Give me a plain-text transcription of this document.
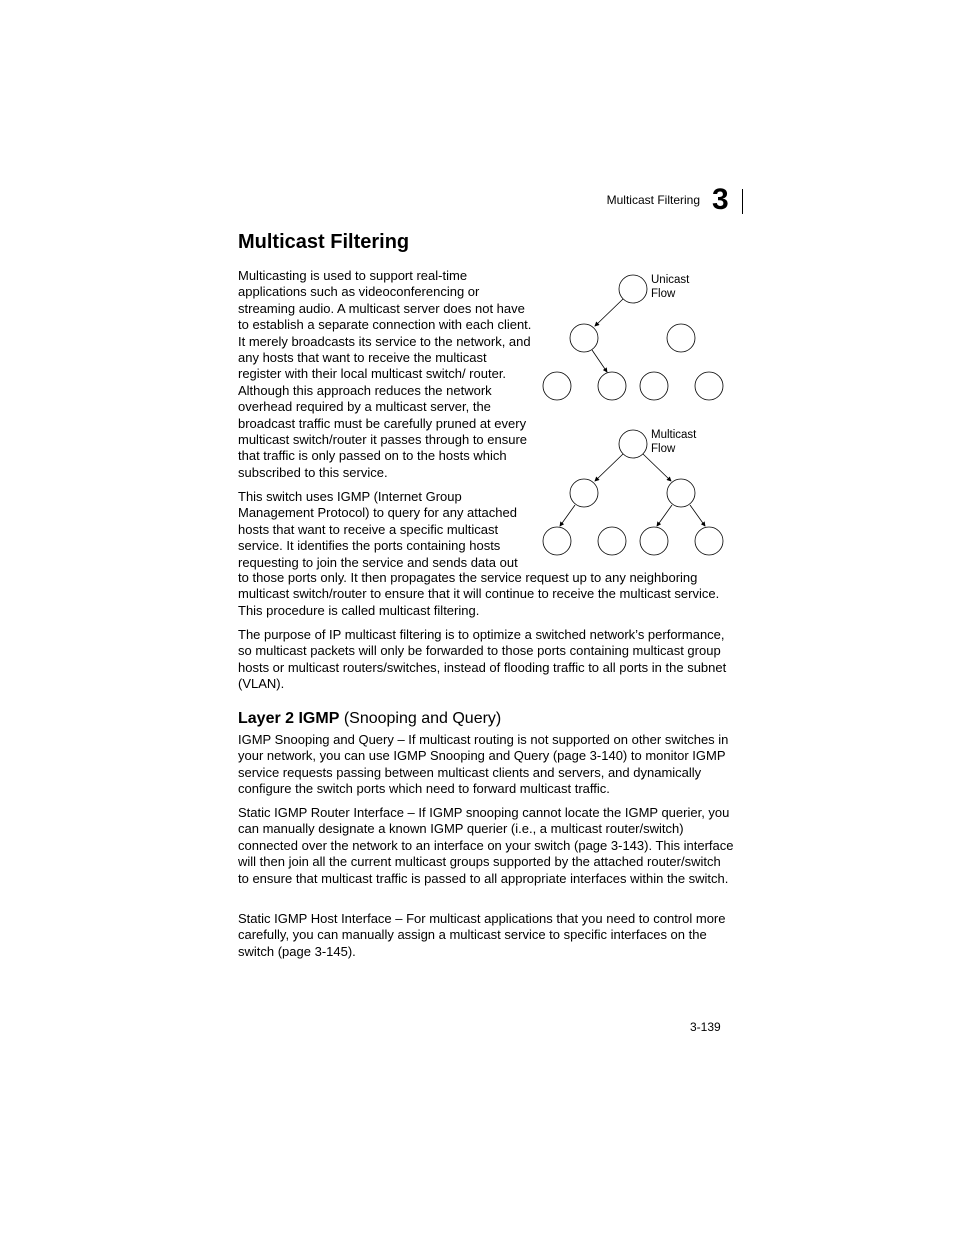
Multicast Filtering 3
Multicast Filtering

Multicasting is used to support real-time applications such as videoconferencing or streaming audio. A multicast server does not have to establish a separate connection with each client. It merely broadcasts its service to the network, and any hosts that want to receive the multicast register with their local multicast switch/ router. Although this approach reduces the network overhead required by a multicast server, the broadcast traffic must be carefully pruned at every multicast switch/router it passes through to ensure that traffic is only passed on to the hosts which subscribed to this service.

This switch uses IGMP (Internet Group Management Protocol) to query for any attached hosts that want to receive a specific multicast service. It identifies the ports containing hosts requesting to join the service and sends data out

to those ports only. It then propagates the service request up to any neighboring multicast switch/router to ensure that it will continue to receive the multicast service. This procedure is called multicast filtering.

The purpose of IP multicast filtering is to optimize a switched network’s performance, so multicast packets will only be forwarded to those ports containing multicast group hosts or multicast routers/switches, instead of flooding traffic to all ports in the subnet (VLAN).

Layer 2 IGMP (Snooping and Query)

IGMP Snooping and Query – If multicast routing is not supported on other switches in your network, you can use IGMP Snooping and Query (page 3-140) to monitor IGMP service requests passing between multicast clients and servers, and dynamically configure the switch ports which need to forward multicast traffic.

Static IGMP Router Interface – If IGMP snooping cannot locate the IGMP querier, you can manually designate a known IGMP querier (i.e., a multicast router/switch) connected over the network to an interface on your switch (page 3-143). This interface will then join all the current multicast groups supported by the attached router/switch to ensure that multicast traffic is passed to all appropriate interfaces within the switch.

Static IGMP Host Interface – For multicast applications that you need to control more carefully, you can manually assign a multicast service to specific interfaces on the switch (page 3-145).

Unicast
Flow
Multicast
Flow
3-139
